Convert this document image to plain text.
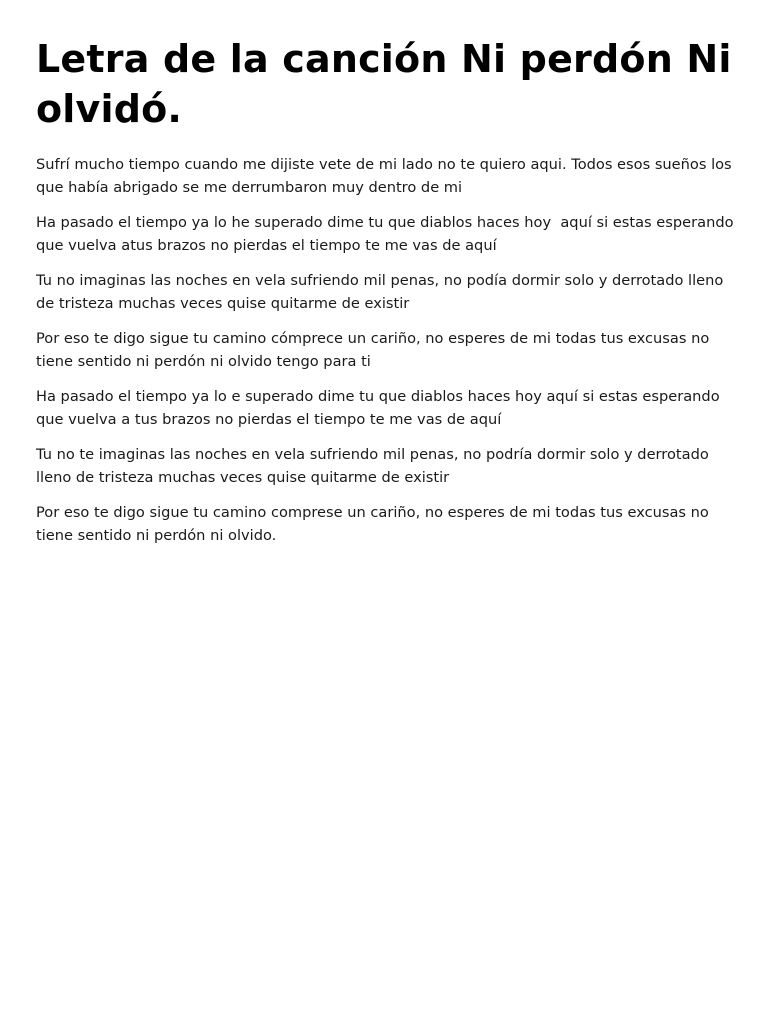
Letra de la canción Ni perdón Ni olvidó.

Sufrí mucho tiempo cuando me dijiste vete de mi lado no te quiero aqui. Todos esos sueños los que había abrigado se me derrumbaron muy dentro de mi

Ha pasado el tiempo ya lo he superado dime tu que diablos haces hoy  aquí si estas esperando que vuelva atus brazos no pierdas el tiempo te me vas de aquí

Tu no imaginas las noches en vela sufriendo mil penas, no podía dormir solo y derrotado lleno de tristeza muchas veces quise quitarme de existir

Por eso te digo sigue tu camino cómprece un cariño, no esperes de mi todas tus excusas no tiene sentido ni perdón ni olvido tengo para ti

Ha pasado el tiempo ya lo e superado dime tu que diablos haces hoy aquí si estas esperando que vuelva a tus brazos no pierdas el tiempo te me vas de aquí

Tu no te imaginas las noches en vela sufriendo mil penas, no podría dormir solo y derrotado lleno de tristeza muchas veces quise quitarme de existir

Por eso te digo sigue tu camino comprese un cariño, no esperes de mi todas tus excusas no tiene sentido ni perdón ni olvido.
